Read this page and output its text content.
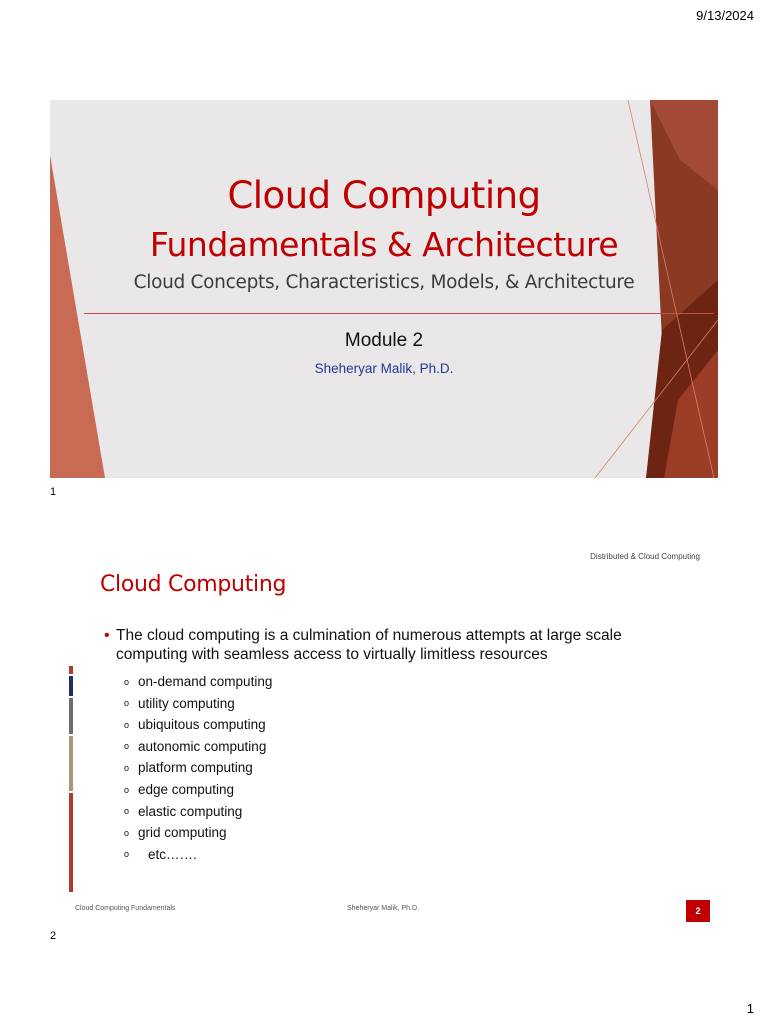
9/13/2024
Cloud Computing
Fundamentals & Architecture
Cloud Concepts, Characteristics, Models, & Architecture
Module 2
Sheheryar Malik, Ph.D.
1
Distributed & Cloud Computing
Cloud Computing
• The cloud computing is a culmination of numerous attempts at large scale computing with seamless access to virtually limitless resources
o on-demand computing
o utility computing
o ubiquitous computing
o autonomic computing
o platform computing
o edge computing
o elastic computing
o grid computing
o etc…….
Cloud Computing Fundamentals	Sheheryar Malik, Ph.D.	2
2
1
